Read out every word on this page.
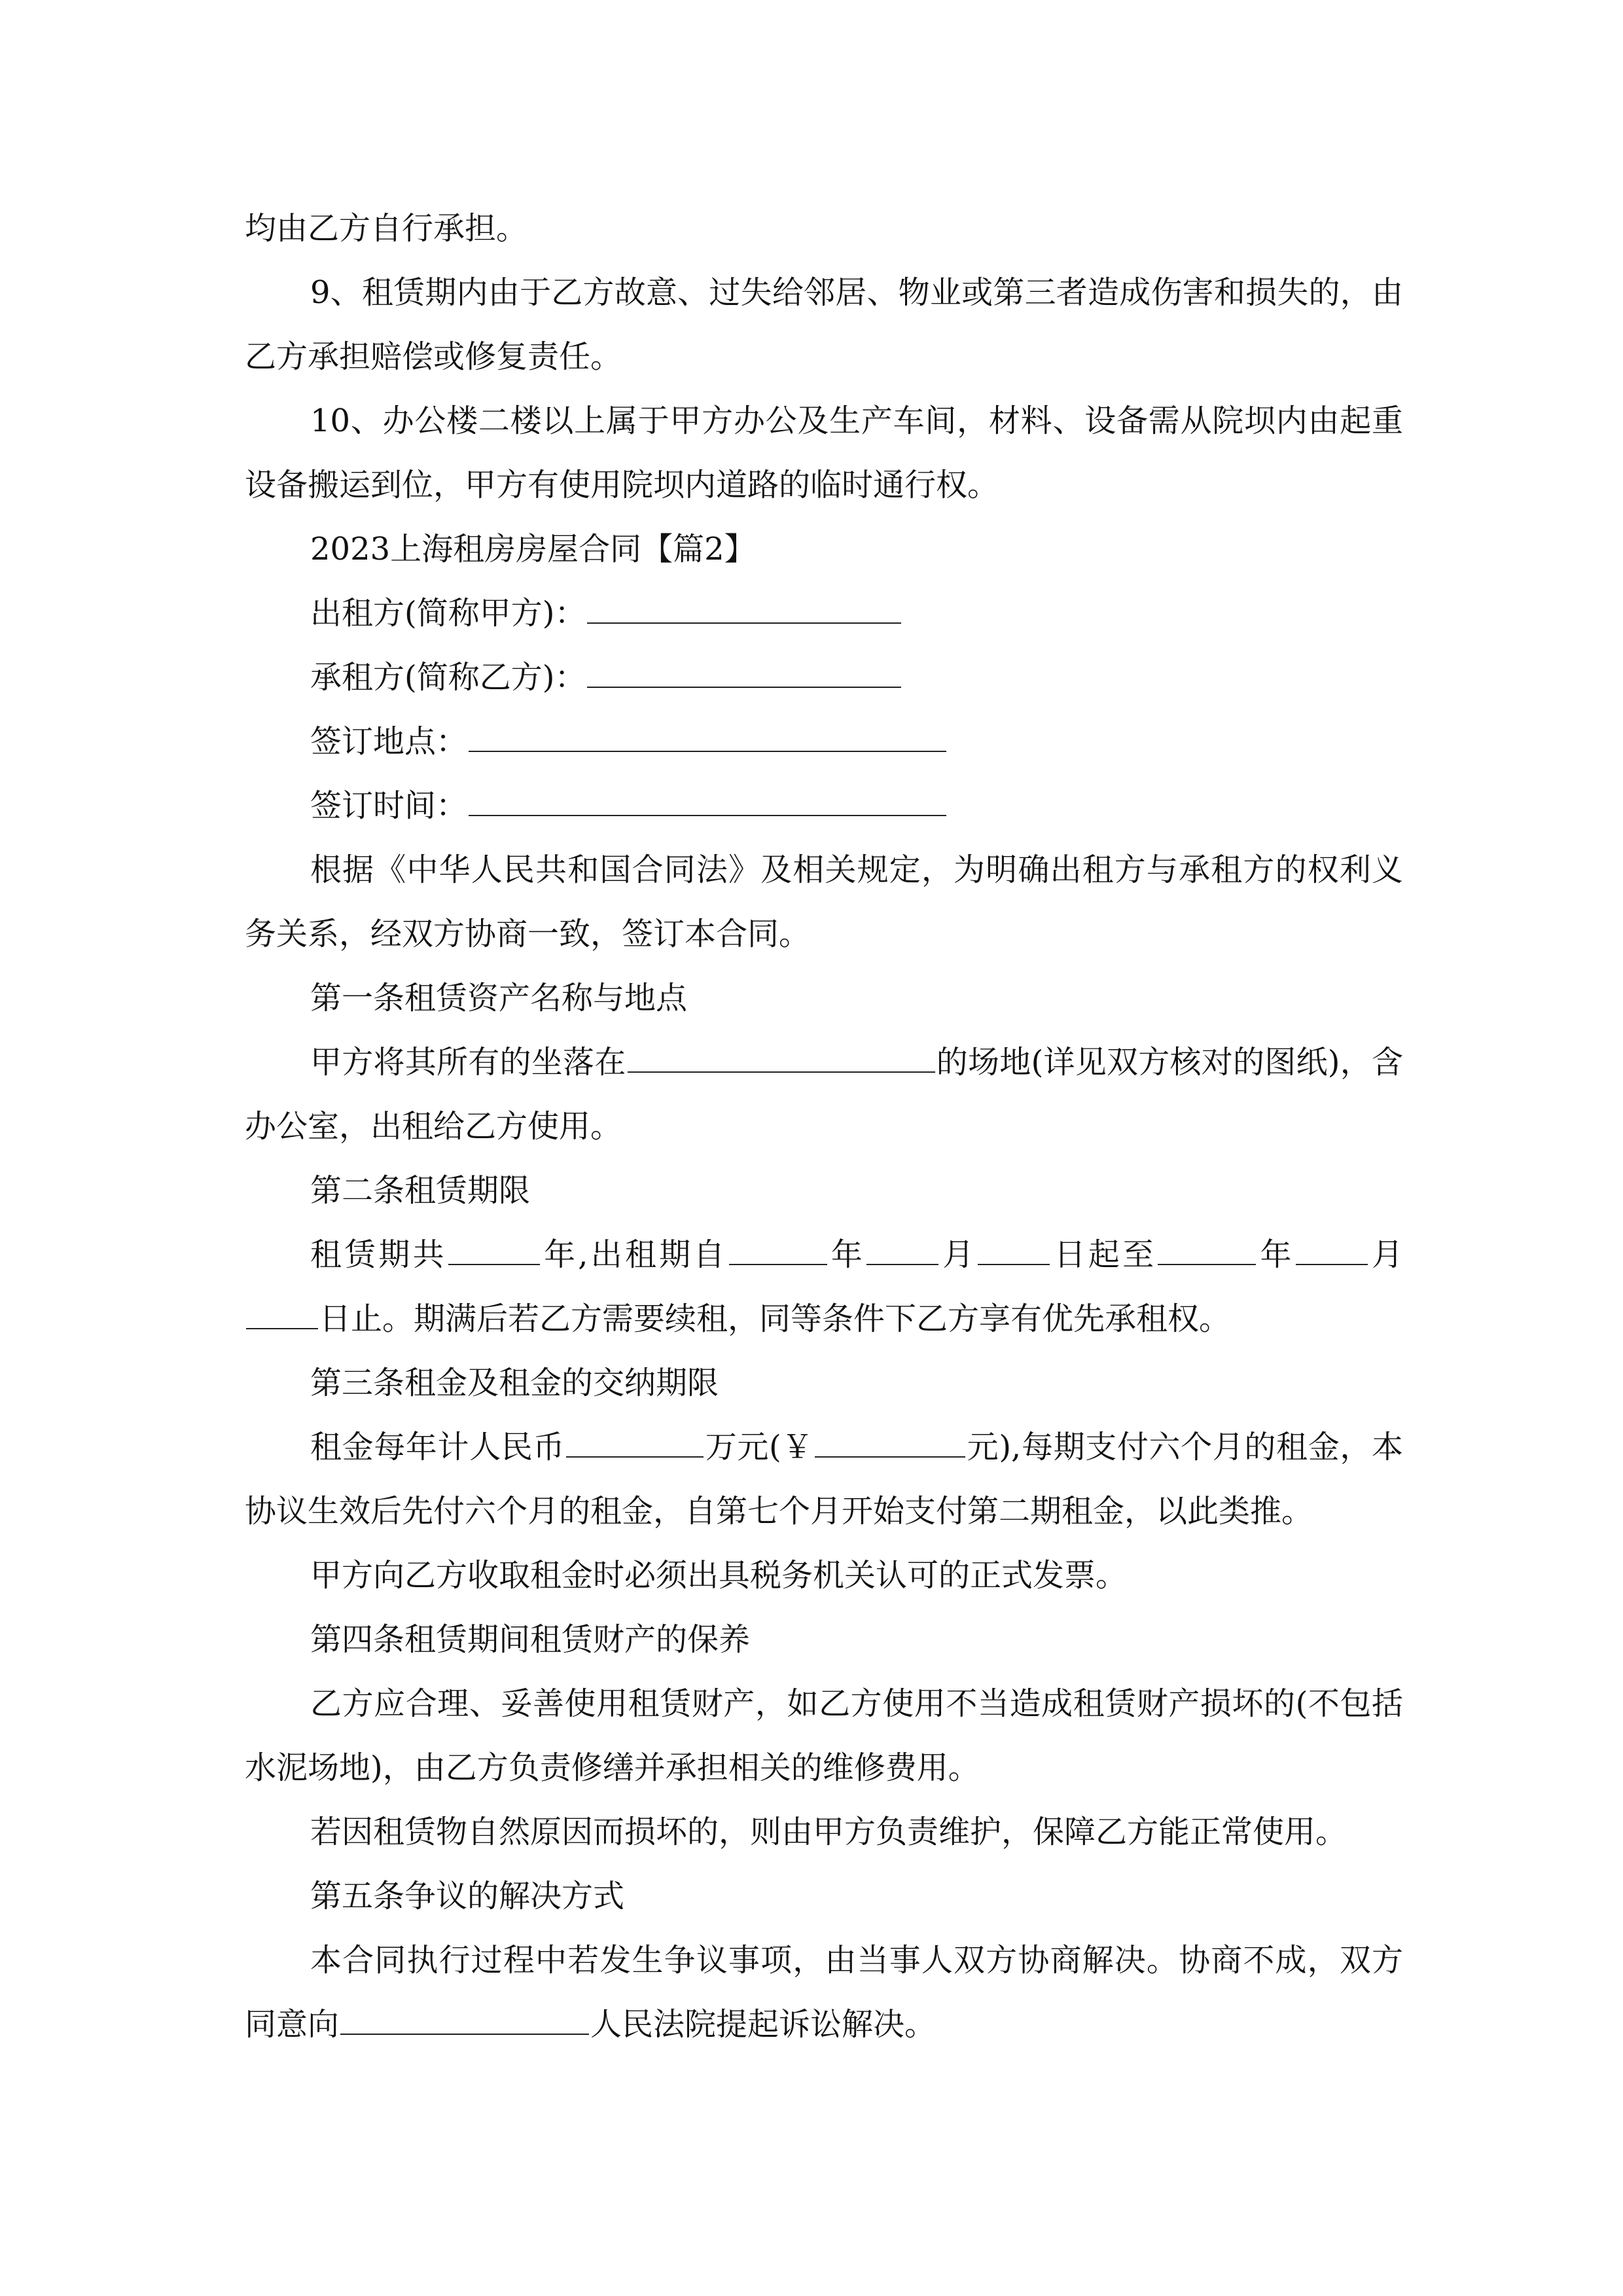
均由乙方自行承担。

9、租赁期内由于乙方故意、过失给邻居、物业或第三者造成伤害和损失的，由乙方承担赔偿或修复责任。

10、办公楼二楼以上属于甲方办公及生产车间，材料、设备需从院坝内由起重设备搬运到位，甲方有使用院坝内道路的临时通行权。

2023上海租房房屋合同【篇2】

出租方(简称甲方)：

承租方(简称乙方)：

签订地点：

签订时间：

根据《中华人民共和国合同法》及相关规定，为明确出租方与承租方的权利义务关系，经双方协商一致，签订本合同。

第一条租赁资产名称与地点

甲方将其所有的坐落在	的场地(详见双方核对的图纸)，含办公室，出租给乙方使用。

第二条租赁期限

租赁期共	年,出租期自	年 月 日起至	年 月日止。期满后若乙方需要续租，同等条件下乙方享有优先承租权。

第三条租金及租金的交纳期限

租金每年计人民币	万元(￥	元),每期支付六个月的租金，本协议生效后先付六个月的租金，自第七个月开始支付第二期租金，以此类推。

甲方向乙方收取租金时必须出具税务机关认可的正式发票。

第四条租赁期间租赁财产的保养

乙方应合理、妥善使用租赁财产，如乙方使用不当造成租赁财产损坏的(不包括水泥场地)，由乙方负责修缮并承担相关的维修费用。

若因租赁物自然原因而损坏的，则由甲方负责维护，保障乙方能正常使用。

第五条争议的解决方式

本合同执行过程中若发生争议事项，由当事人双方协商解决。协商不成，双方同意向	人民法院提起诉讼解决。
